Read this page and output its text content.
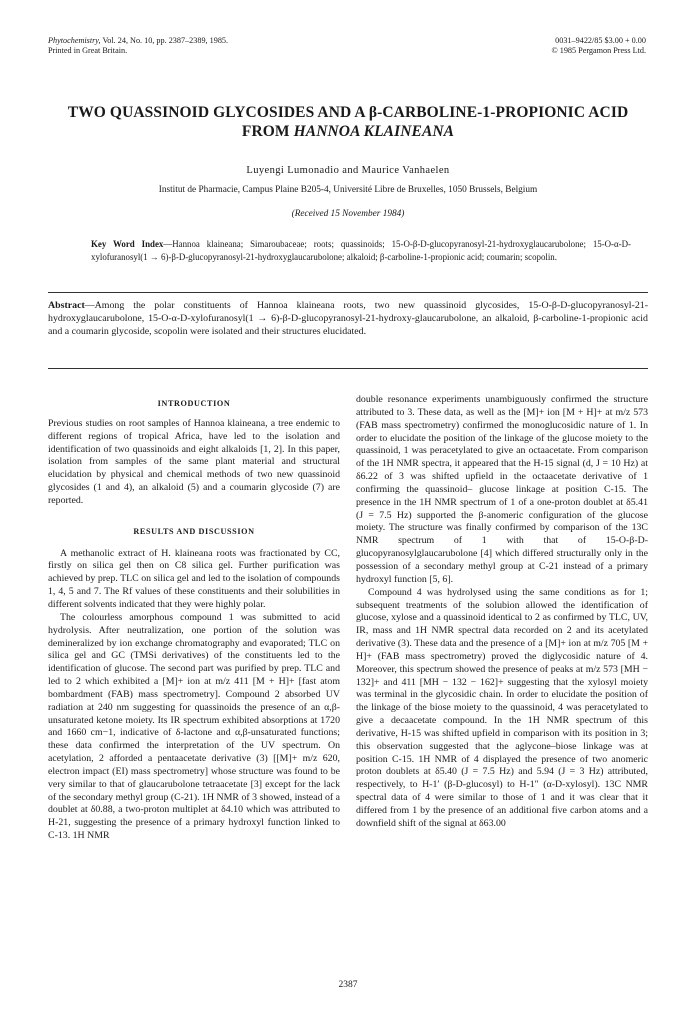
Phytochemistry, Vol. 24, No. 10, pp. 2387–2389, 1985.
Printed in Great Britain.
0031–9422/85 $3.00 + 0.00
© 1985 Pergamon Press Ltd.
TWO QUASSINOID GLYCOSIDES AND A β-CARBOLINE-1-PROPIONIC ACID
FROM HANNOA KLAINEANA
Luyengi Lumonadio and Maurice Vanhaelen
Institut de Pharmacie, Campus Plaine B205-4, Université Libre de Bruxelles, 1050 Brussels, Belgium
(Received 15 November 1984)
Key Word Index—Hannoa klaineana; Simaroubaceae; roots; quassinoids; 15-O-β-D-glucopyranosyl-21-hydroxyglaucarubolone; 15-O-α-D-xylofuranosyl(1 → 6)-β-D-glucopyranosyl-21-hydroxyglaucarubolone; alkaloid; β-carboline-1-propionic acid; coumarin; scopolin.
Abstract—Among the polar constituents of Hannoa klaineana roots, two new quassinoid glycosides, 15-O-β-D-glucopyranosyl-21-hydroxyglaucarubolone, 15-O-α-D-xylofuranosyl(1 → 6)-β-D-glucopyranosyl-21-hydroxy-glaucarubolone, an alkaloid, β-carboline-1-propionic acid and a coumarin glycoside, scopolin were isolated and their structures elucidated.
INTRODUCTION

Previous studies on root samples of Hannoa klaineana, a tree endemic to different regions of tropical Africa, have led to the isolation and identification of two quassinoids and eight alkaloids [1, 2]. In this paper, isolation from samples of the same plant material and structural elucidation by physical and chemical methods of two new quassinoid glycosides (1 and 4), an alkaloid (5) and a coumarin glycoside (7) are reported.

RESULTS AND DISCUSSION

A methanolic extract of H. klaineana roots was fractionated by CC, firstly on silica gel then on C8 silica gel. Further purification was achieved by prep. TLC on silica gel and led to the isolation of compounds 1, 4, 5 and 7. The Rf values of these constituents and their solubilities in different solvents indicated that they were highly polar.

The colourless amorphous compound 1 was submitted to acid hydrolysis. After neutralization, one portion of the solution was demineralized by ion exchange chromatography and evaporated; TLC on silica gel and GC (TMSi derivatives) of the constituents led to the identification of glucose. The second part was purified by prep. TLC and led to 2 which exhibited a [M]+ ion at m/z 411 [M + H]+ [fast atom bombardment (FAB) mass spectrometry]. Compound 2 absorbed UV radiation at 240 nm suggesting for quassinoids the presence of an α,β-unsaturated ketone moiety. Its IR spectrum exhibited absorptions at 1720 and 1660 cm−1, indicative of δ-lactone and α,β-unsaturated functions; these data confirmed the interpretation of the UV spectrum. On acetylation, 2 afforded a pentaacetate derivative (3) [[M]+ m/z 620, electron impact (EI) mass spectrometry] whose structure was found to be very similar to that of glaucarubolone tetraacetate [3] except for the lack of the secondary methyl group (C-21). 1H NMR of 3 showed, instead of a doublet at δ0.88, a two-proton multiplet at δ4.10 which was attributed to H-21, suggesting the presence of a primary hydroxyl function linked to C-13. 1H NMR

double resonance experiments unambiguously confirmed the structure attributed to 3. These data, as well as the [M]+ ion [M + H]+ at m/z 573 (FAB mass spectrometry) confirmed the monoglucosidic nature of 1. In order to elucidate the position of the linkage of the glucose moiety to the quassinoid, 1 was peracetylated to give an octaacetate. From comparison of the 1H NMR spectra, it appeared that the H-15 signal (d, J = 10 Hz) at δ6.22 of 3 was shifted upfield in the octaacetate derivative of 1 confirming the quassinoid– glucose linkage at position C-15. The presence in the 1H NMR spectrum of 1 of a one-proton doublet at δ5.41 (J = 7.5 Hz) supported the β-anomeric configuration of the glucose moiety. The structure was finally confirmed by comparison of the 13C NMR spectrum of 1 with that of 15-O-β-D-glucopyranosylglaucarubolone [4] which differed structurally only in the possession of a secondary methyl group at C-21 instead of a primary hydroxyl function [5, 6].

Compound 4 was hydrolysed using the same conditions as for 1; subsequent treatments of the solubion allowed the identification of glucose, xylose and a quassinoid identical to 2 as confirmed by TLC, UV, IR, mass and 1H NMR spectral data recorded on 2 and its acetylated derivative (3). These data and the presence of a [M]+ ion at m/z 705 [M + H]+ (FAB mass spectrometry) proved the diglycosidic nature of 4. Moreover, this spectrum showed the presence of peaks at m/z 573 [MH − 132]+ and 411 [MH − 132 − 162]+ suggesting that the xylosyl moiety was terminal in the glycosidic chain. In order to elucidate the position of the linkage of the biose moiety to the quassinoid, 4 was peracetylated to give a decaacetate compound. In the 1H NMR spectrum of this derivative, H-15 was shifted upfield in comparison with its position in 3; this observation suggested that the aglycone–biose linkage was at position C-15. 1H NMR of 4 displayed the presence of two anomeric proton doublets at δ5.40 (J = 7.5 Hz) and 5.94 (J = 3 Hz) attributed, respectively, to H-1′ (β-D-glucosyl) to H-1″ (α-D-xylosyl). 13C NMR spectral data of 4 were similar to those of 1 and it was clear that it differed from 1 by the presence of an additional five carbon atoms and a downfield shift of the signal at δ63.00

2387
